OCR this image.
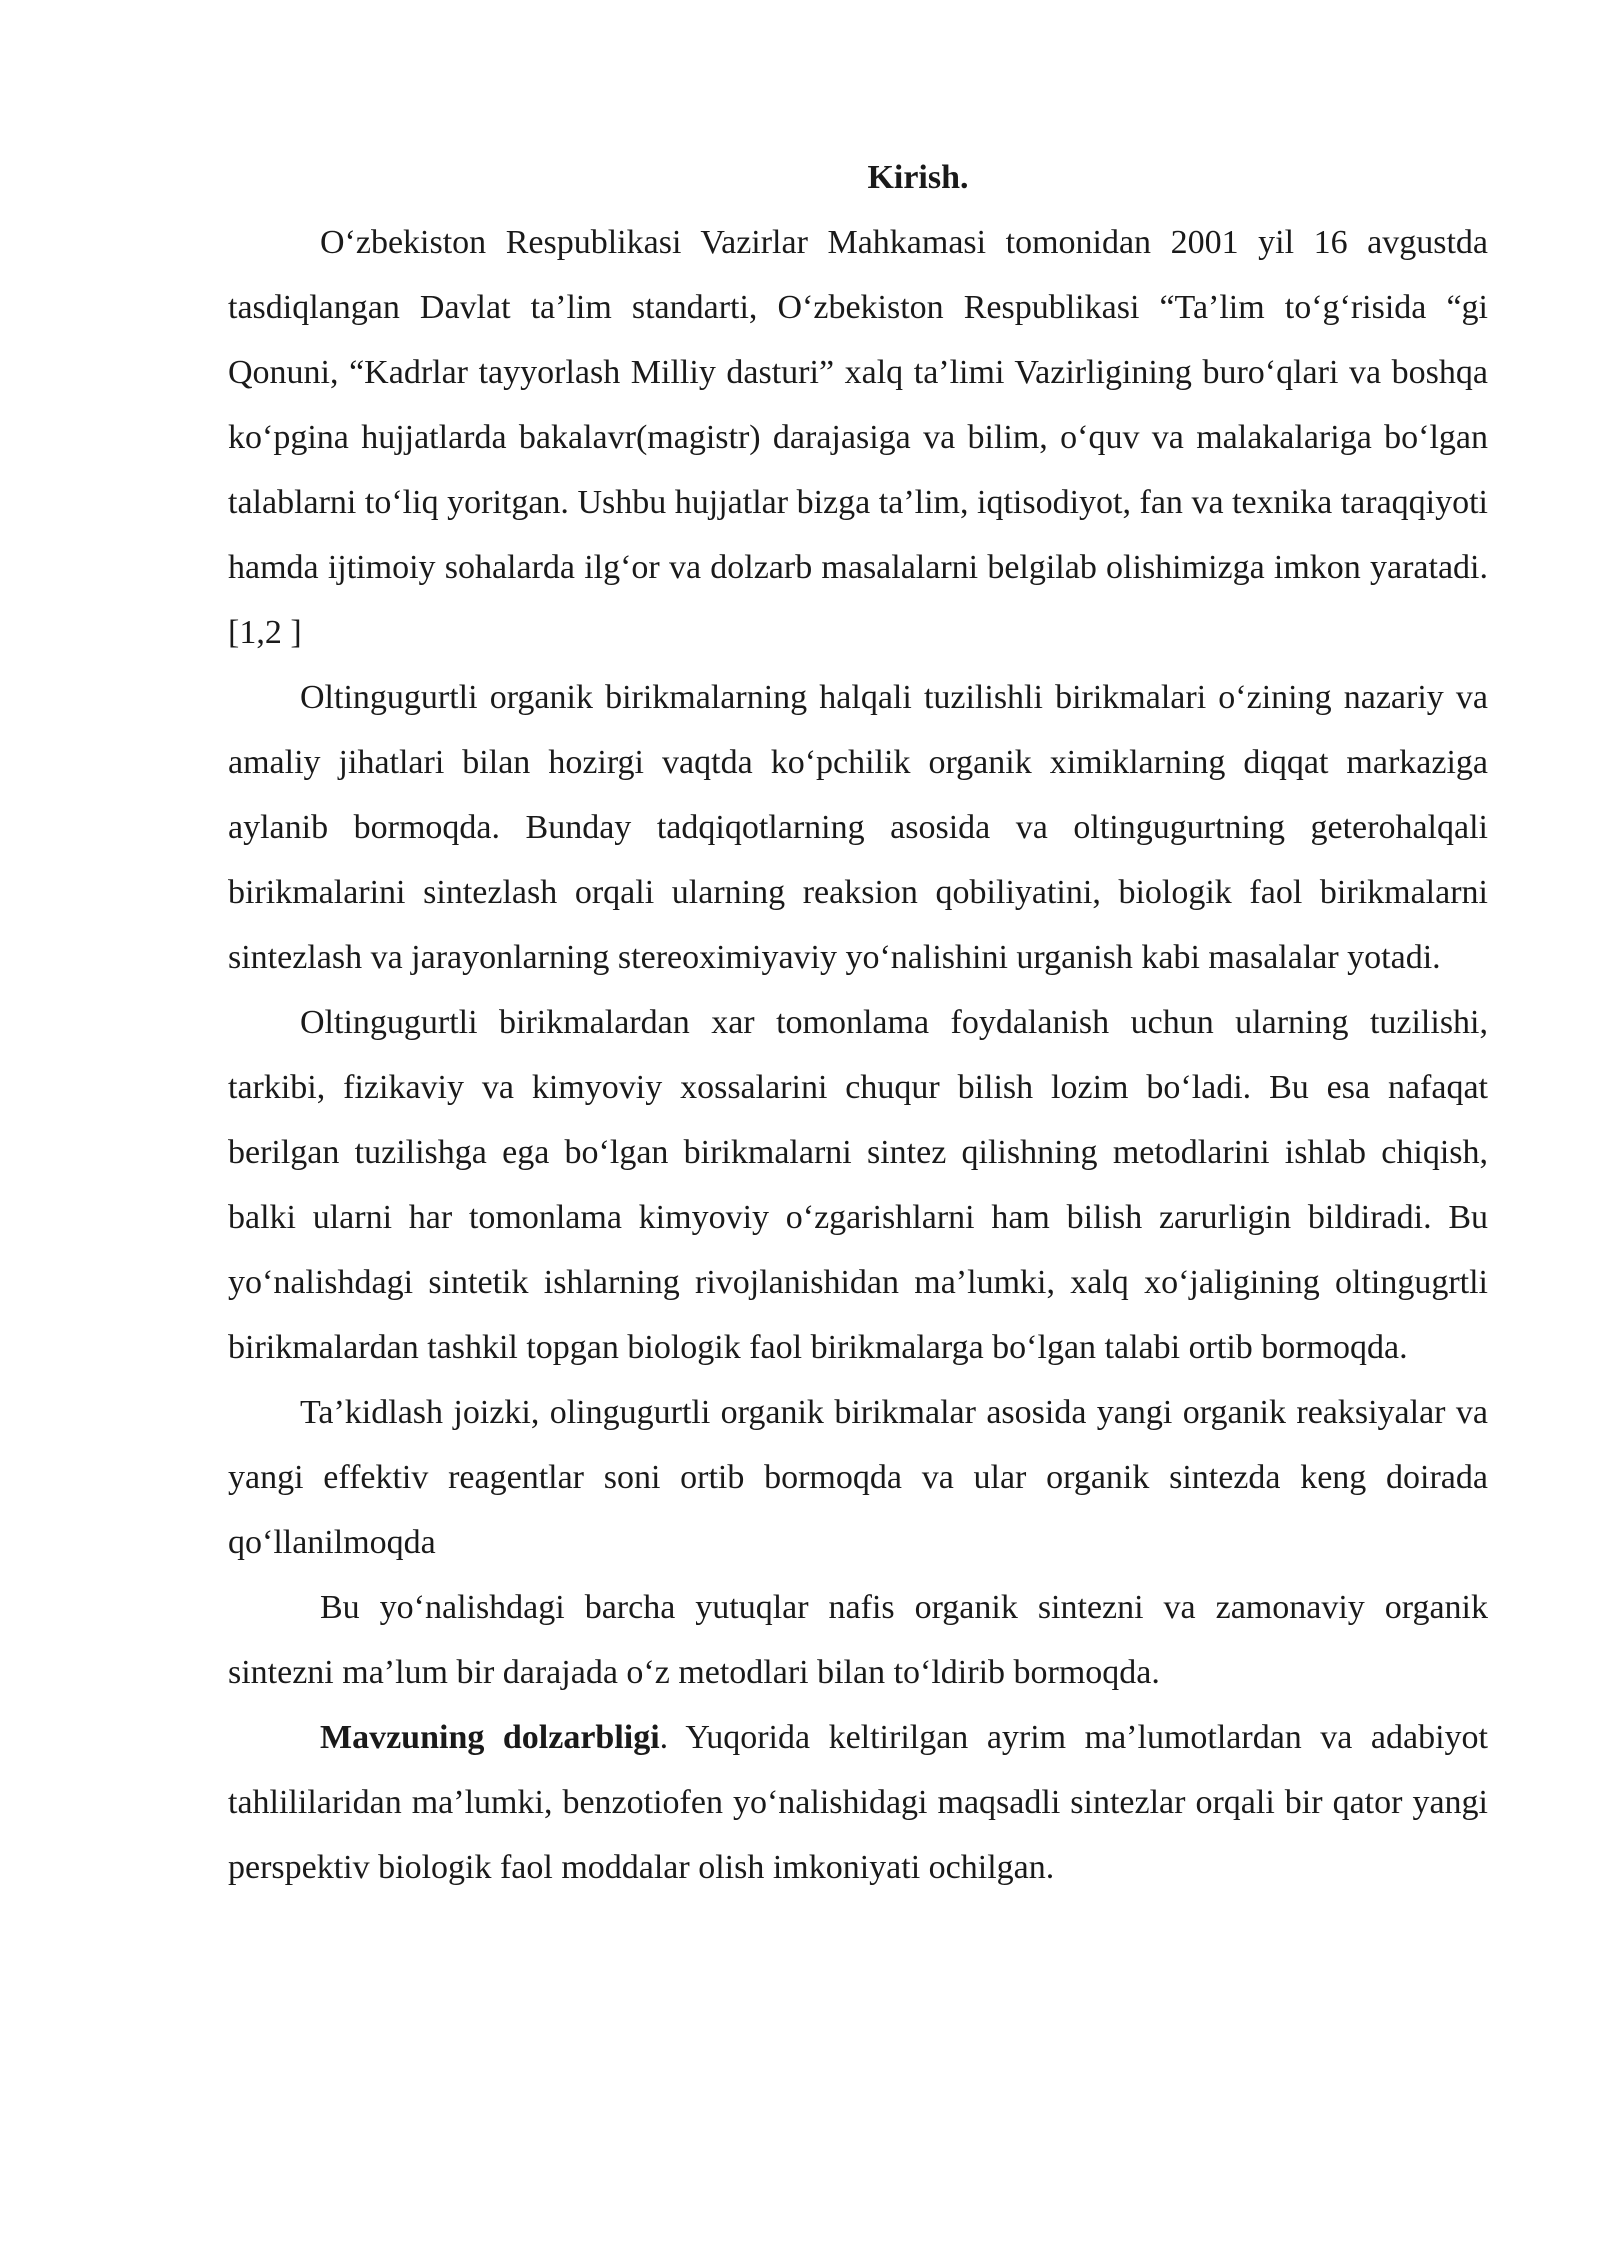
Kirish.

O‘zbekiston Respublikasi Vazirlar Mahkamasi tomonidan 2001 yil 16 avgustda tasdiqlangan Davlat ta’lim standarti, O‘zbekiston Respublikasi “Ta’lim to‘g‘risida “gi Qonuni, “Kadrlar tayyorlash Milliy dasturi” xalq ta’limi Vazirligining buro‘qlari va boshqa ko‘pgina hujjatlarda bakalavr(magistr) darajasiga va bilim, o‘quv va malakalariga bo‘lgan talablarni to‘liq yoritgan. Ushbu hujjatlar bizga ta’lim, iqtisodiyot, fan va texnika taraqqiyoti hamda ijtimoiy sohalarda ilg‘or va dolzarb masalalarni belgilab olishimizga imkon yaratadi.[1,2 ]

Oltingugurtli organik birikmalarning halqali tuzilishli birikmalari o‘zining nazariy va amaliy jihatlari bilan hozirgi vaqtda ko‘pchilik organik ximiklarning diqqat markaziga aylanib bormoqda. Bunday tadqiqotlarning asosida va oltingugurtning geterohalqali birikmalarini sintezlash orqali ularning reaksion qobiliyatini, biologik faol birikmalarni sintezlash va jarayonlarning stereoximiyaviy yo‘nalishini urganish kabi masalalar yotadi.

Oltingugurtli birikmalardan xar tomonlama foydalanish uchun ularning tuzilishi, tarkibi, fizikaviy va kimyoviy xossalarini chuqur bilish lozim bo‘ladi. Bu esa nafaqat berilgan tuzilishga ega bo‘lgan birikmalarni sintez qilishning metodlarini ishlab chiqish, balki ularni har tomonlama kimyoviy o‘zgarishlarni ham bilish zarurligin bildiradi. Bu yo‘nalishdagi sintetik ishlarning rivojlanishidan ma’lumki, xalq xo‘jaligining oltingugrtli birikmalardan tashkil topgan biologik faol birikmalarga bo‘lgan talabi ortib bormoqda.

Ta’kidlash joizki, olingugurtli organik birikmalar asosida yangi organik reaksiyalar va yangi effektiv reagentlar soni ortib bormoqda va ular organik sintezda keng doirada qo‘llanilmoqda

Bu yo‘nalishdagi barcha yutuqlar nafis organik sintezni va zamonaviy organik sintezni ma’lum bir darajada o‘z metodlari bilan to‘ldirib bormoqda.

Mavzuning dolzarbligi. Yuqorida keltirilgan ayrim ma’lumotlardan va adabiyot tahlililaridan ma’lumki, benzotiofen yo‘nalishidagi maqsadli sintezlar orqali bir qator yangi perspektiv biologik faol moddalar olish imkoniyati ochilgan.
